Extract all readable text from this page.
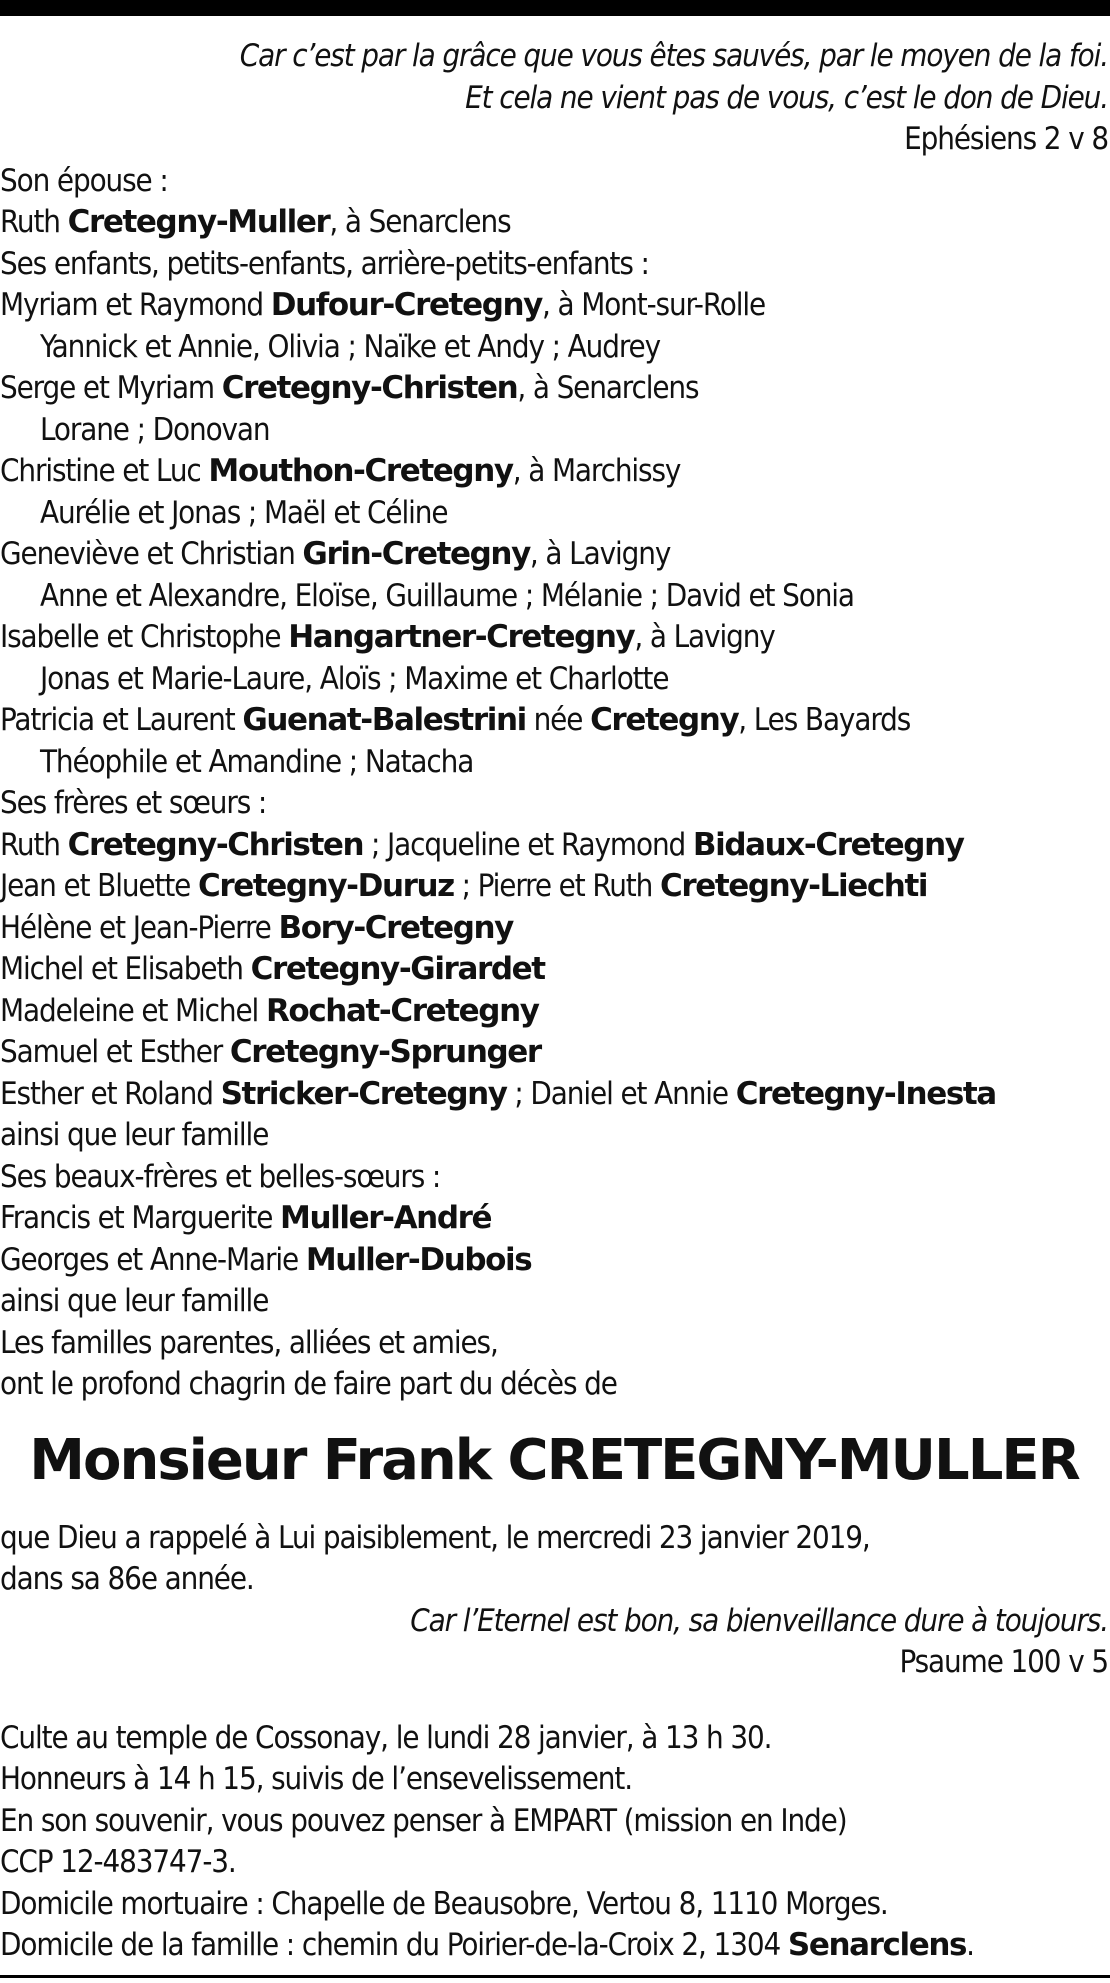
Car c’est par la grâce que vous êtes sauvés, par le moyen de la foi.
Et cela ne vient pas de vous, c’est le don de Dieu.
Ephésiens 2 v 8
Son épouse :
Ruth Cretegny-Muller, à Senarclens
Ses enfants, petits-enfants, arrière-petits-enfants :
Myriam et Raymond Dufour-Cretegny, à Mont-sur-Rolle
Yannick et Annie, Olivia ; Naïke et Andy ; Audrey
Serge et Myriam Cretegny-Christen, à Senarclens
Lorane ; Donovan
Christine et Luc Mouthon-Cretegny, à Marchissy
Aurélie et Jonas ; Maël et Céline
Geneviève et Christian Grin-Cretegny, à Lavigny
Anne et Alexandre, Eloïse, Guillaume ; Mélanie ; David et Sonia
Isabelle et Christophe Hangartner-Cretegny, à Lavigny
Jonas et Marie-Laure, Aloïs ; Maxime et Charlotte
Patricia et Laurent Guenat-Balestrini née Cretegny, Les Bayards
Théophile et Amandine ; Natacha
Ses frères et sœurs :
Ruth Cretegny-Christen ; Jacqueline et Raymond Bidaux-Cretegny
Jean et Bluette Cretegny-Duruz ; Pierre et Ruth Cretegny-Liechti
Hélène et Jean-Pierre Bory-Cretegny
Michel et Elisabeth Cretegny-Girardet
Madeleine et Michel Rochat-Cretegny
Samuel et Esther Cretegny-Sprunger
Esther et Roland Stricker-Cretegny ; Daniel et Annie Cretegny-Inesta
ainsi que leur famille
Ses beaux-frères et belles-sœurs :
Francis et Marguerite Muller-André
Georges et Anne-Marie Muller-Dubois
ainsi que leur famille
Les familles parentes, alliées et amies,
ont le profond chagrin de faire part du décès de
Monsieur Frank CRETEGNY-MULLER
que Dieu a rappelé à Lui paisiblement, le mercredi 23 janvier 2019,
dans sa 86e année.
Car l’Eternel est bon, sa bienveillance dure à toujours.
Psaume 100 v 5
Culte au temple de Cossonay, le lundi 28 janvier, à 13 h 30.
Honneurs à 14 h 15, suivis de l’ensevelissement.
En son souvenir, vous pouvez penser à EMPART (mission en Inde)
CCP 12-483747-3.
Domicile mortuaire : Chapelle de Beausobre, Vertou 8, 1110 Morges.
Domicile de la famille : chemin du Poirier-de-la-Croix 2, 1304 Senarclens.
